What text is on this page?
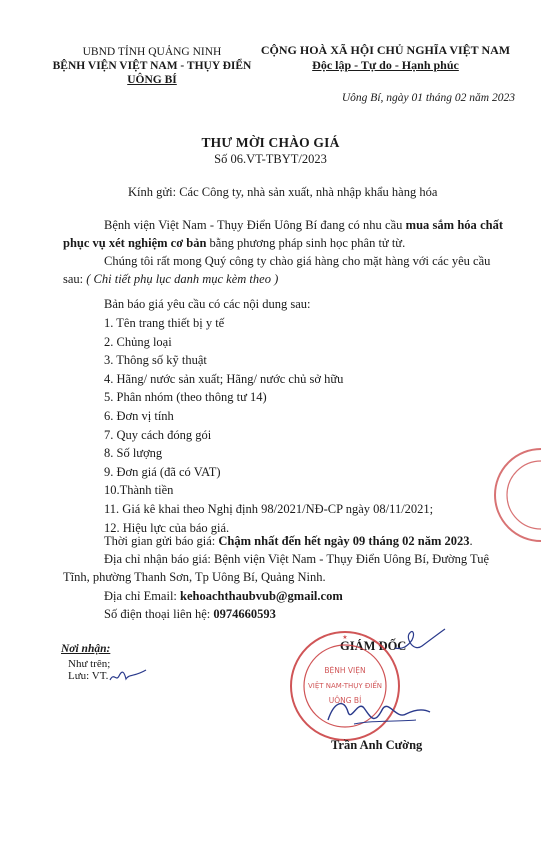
UBND TỈNH QUẢNG NINH
BỆNH VIỆN VIỆT NAM - THỤY ĐIỂN
UÔNG BÍ
CỘNG HOÀ XÃ HỘI CHỦ NGHĨA VIỆT NAM
Độc lập - Tự do - Hạnh phúc
Uông Bí, ngày 01 tháng 02 năm 2023
THƯ MỜI CHÀO GIÁ
Số 06.VT-TBYT/2023
Kính gửi: Các Công ty, nhà sản xuất, nhà nhập khẩu hàng hóa
Bệnh viện Việt Nam - Thụy Điển Uông Bí đang có nhu cầu mua sắm hóa chất phục vụ xét nghiệm cơ bản bằng phương pháp sinh học phân tử từ.
Chúng tôi rất mong Quý công ty chào giá hàng cho mặt hàng với các yêu cầu sau: ( Chi tiết phụ lục danh mục kèm theo )
Bản báo giá yêu cầu có các nội dung sau:
1. Tên trang thiết bị y tế
2. Chủng loại
3. Thông số kỹ thuật
4. Hãng/ nước sản xuất; Hãng/ nước chủ sở hữu
5. Phân nhóm (theo thông tư 14)
6. Đơn vị tính
7. Quy cách đóng gói
8. Số lượng
9. Đơn giá (đã có VAT)
10.Thành tiền
11. Giá kê khai theo Nghị định 98/2021/NĐ-CP ngày 08/11/2021;
12. Hiệu lực của báo giá.
Thời gian gửi báo giá: Chậm nhất đến hết ngày 09 tháng 02 năm 2023.
Địa chỉ nhận báo giá: Bệnh viện Việt Nam - Thụy Điển Uông Bí, Đường Tuệ Tĩnh, phường Thanh Sơn, Tp Uông Bí, Quảng Ninh.
Địa chỉ Email: kehoachthaubvub@gmail.com
Số điện thoại liên hệ: 0974660593
Nơi nhận:
Như trên;
Lưu: VT.
GIÁM ĐỐC
BỆNH VIỆN
VIỆT NAM-THỤY ĐIỂN
UÔNG BÍ
★
Trần Anh Cường
